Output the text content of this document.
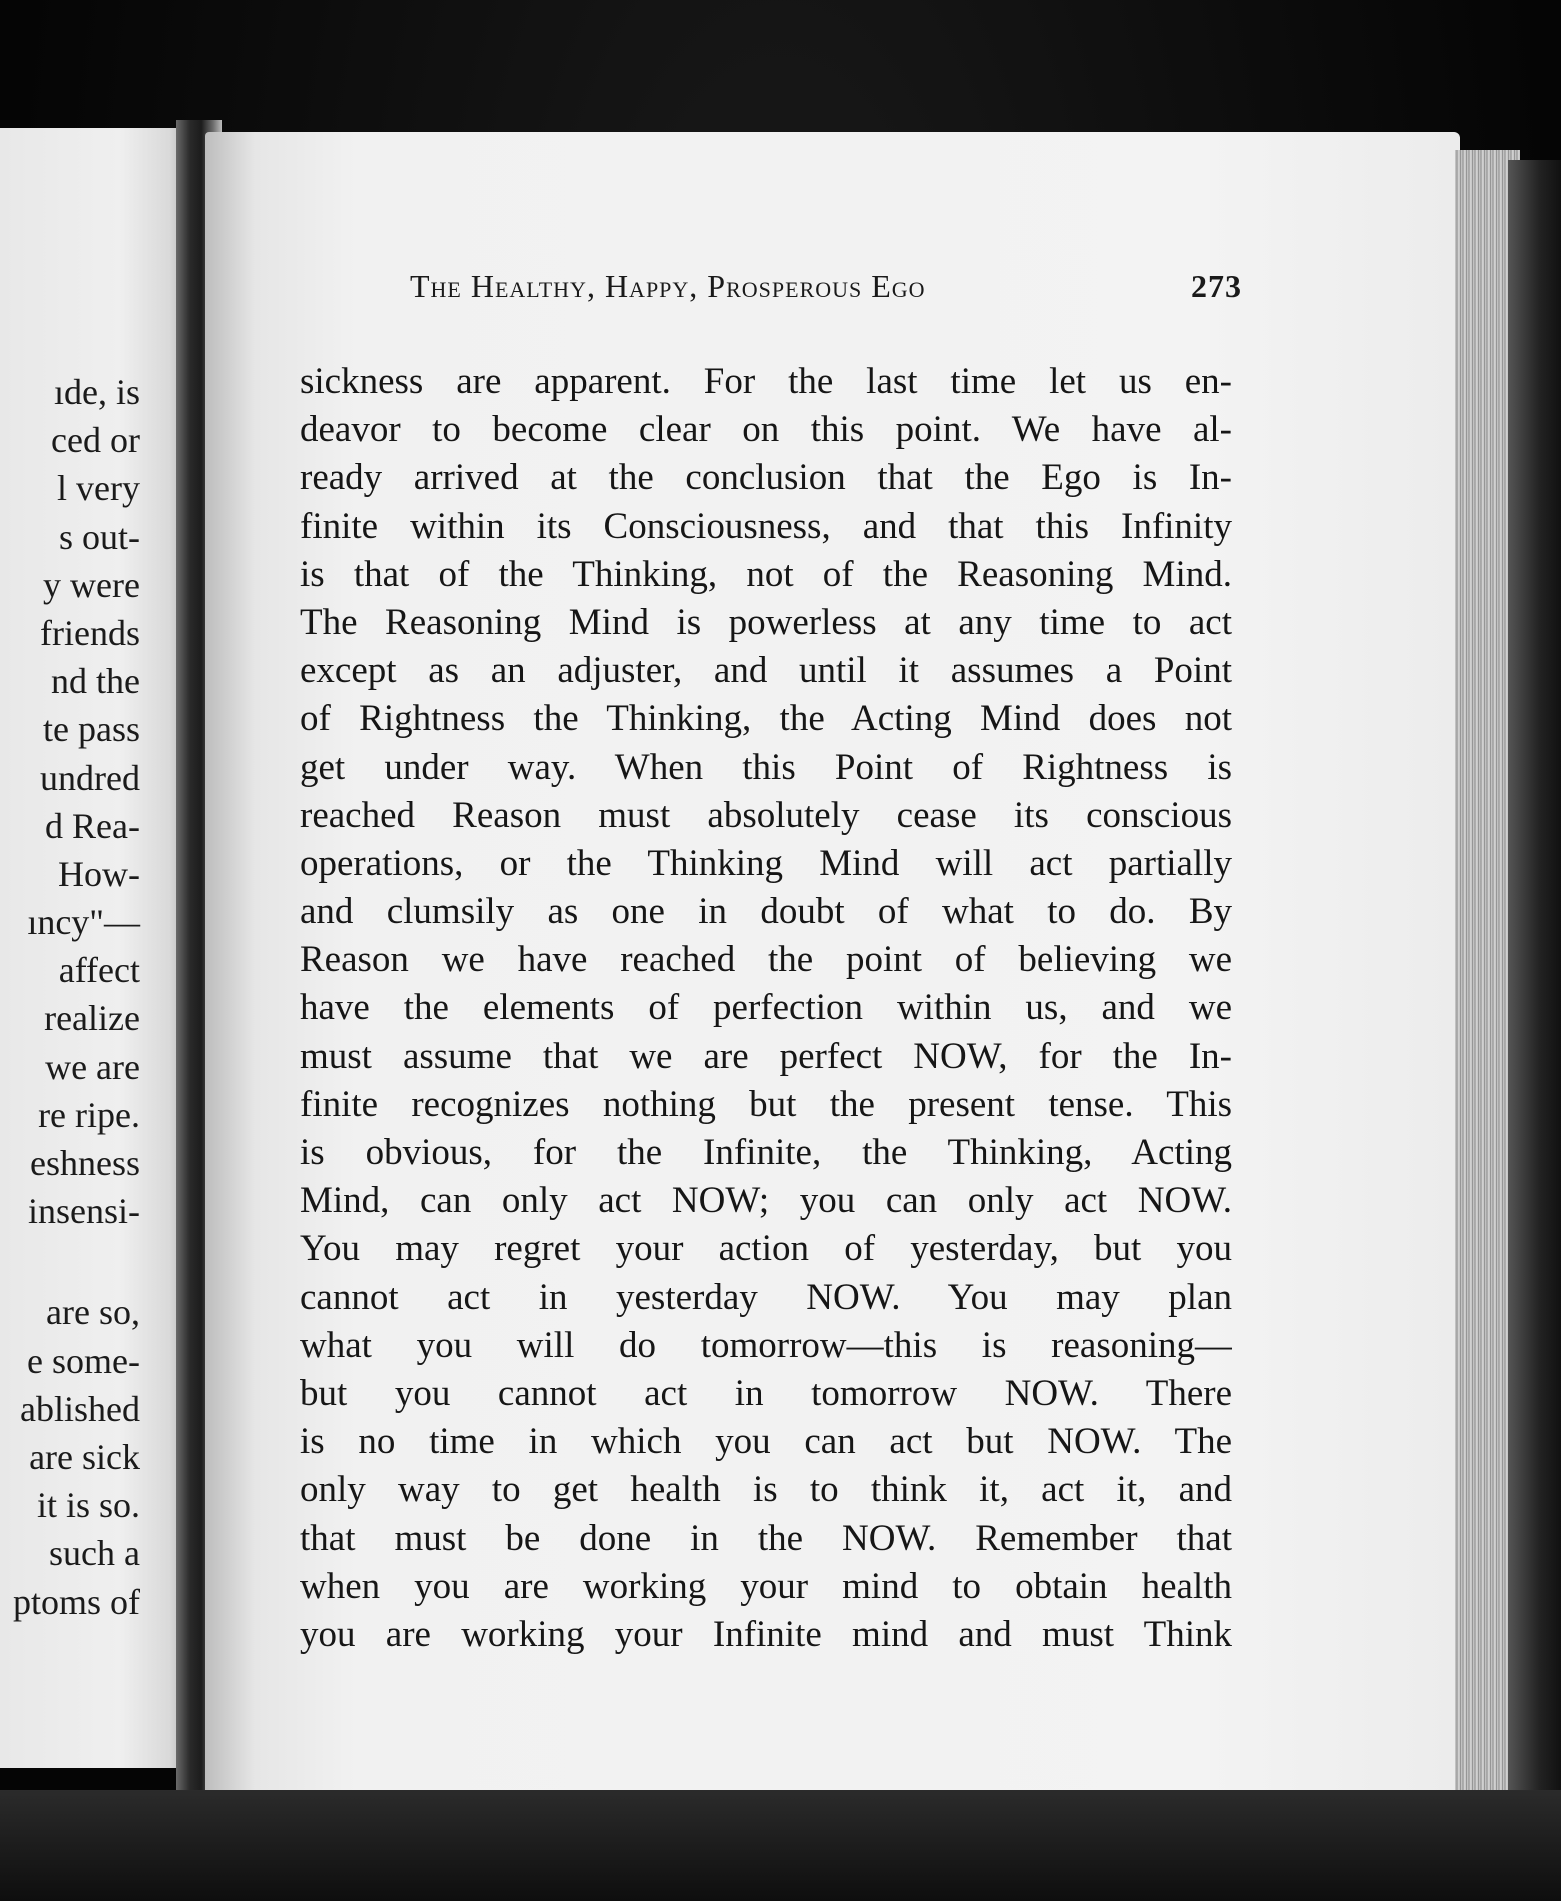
ıde, is
ced or
l very
s out-
y were
friends
nd the
te pass
undred
d Rea-
How-
ıncy"—
affect
realize
we are
re ripe.
eshness
insensi-
are so,
e some-
ablished
are sick
it is so.
such a
ptoms of
The Healthy, Happy, Prosperous Ego	273
sickness are apparent. For the last time let us en-
deavor to become clear on this point. We have al-
ready arrived at the conclusion that the Ego is In-
finite within its Consciousness, and that this Infinity
is that of the Thinking, not of the Reasoning Mind.
The Reasoning Mind is powerless at any time to act
except as an adjuster, and until it assumes a Point
of Rightness the Thinking, the Acting Mind does not
get under way. When this Point of Rightness is
reached Reason must absolutely cease its conscious
operations, or the Thinking Mind will act partially
and clumsily as one in doubt of what to do. By
Reason we have reached the point of believing we
have the elements of perfection within us, and we
must assume that we are perfect NOW, for the In-
finite recognizes nothing but the present tense. This
is obvious, for the Infinite, the Thinking, Acting
Mind, can only act NOW; you can only act NOW.
You may regret your action of yesterday, but you
cannot act in yesterday NOW. You may plan
what you will do tomorrow—this is reasoning—
but you cannot act in tomorrow NOW. There
is no time in which you can act but NOW. The
only way to get health is to think it, act it, and
that must be done in the NOW. Remember that
when you are working your mind to obtain health
you are working your Infinite mind and must Think
